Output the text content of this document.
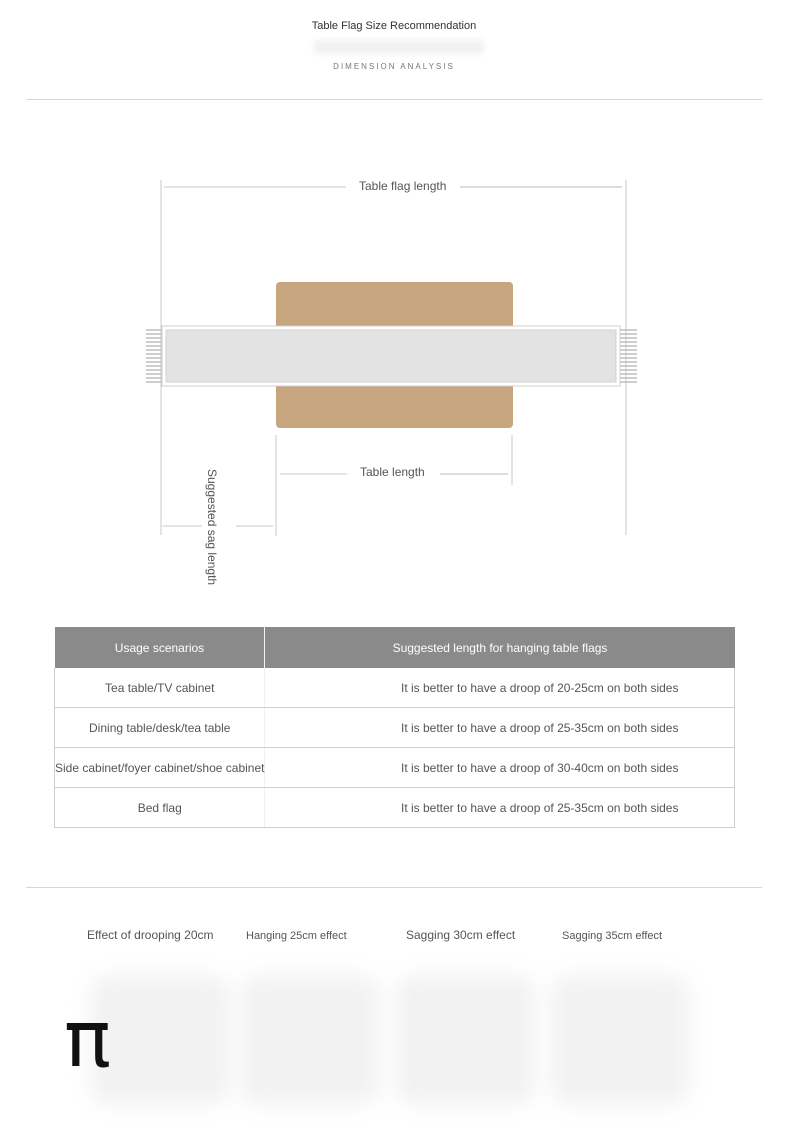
Table Flag Size Recommendation
DIMENSION ANALYSIS
Table flag length
Table length
Suggested sag length
Usage scenarios	Suggested length for hanging table flags
Tea table/TV cabinet	It is better to have a droop of 20-25cm on both sides
Dining table/desk/tea table	It is better to have a droop of 25-35cm on both sides
Side cabinet/foyer cabinet/shoe cabinet	It is better to have a droop of 30-40cm on both sides
Bed flag	It is better to have a droop of 25-35cm on both sides
Effect of drooping 20cm	Hanging 25cm effect	Sagging 30cm effect	Sagging 35cm effect
π
